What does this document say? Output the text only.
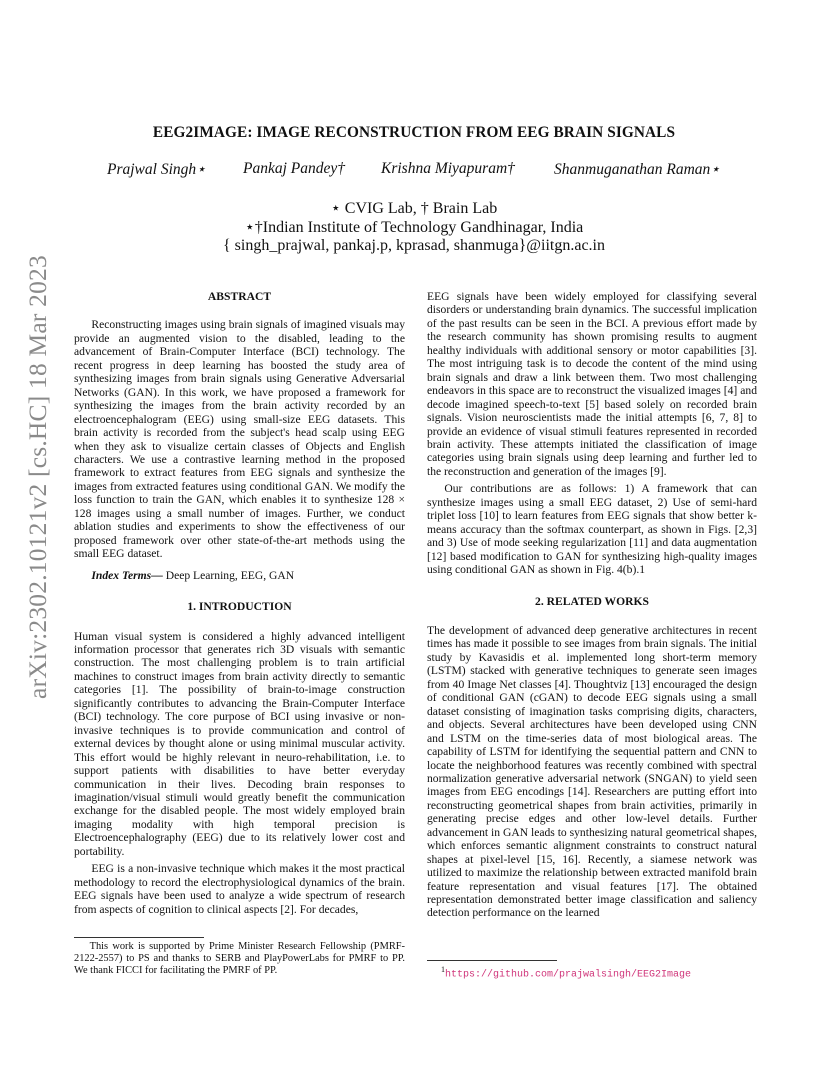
arXiv:2302.10121v2 [cs.HC] 18 Mar 2023
EEG2IMAGE: IMAGE RECONSTRUCTION FROM EEG BRAIN SIGNALS
Prajwal Singh⋆ Pankaj Pandey† Krishna Miyapuram†	Shanmuganathan Raman⋆
⋆ CVIG Lab, † Brain Lab
⋆†Indian Institute of Technology Gandhinagar, India
{ singh_prajwal, pankaj.p, kprasad, shanmuga}@iitgn.ac.in
ABSTRACT

Reconstructing images using brain signals of imagined visuals may provide an augmented vision to the disabled, leading to the advancement of Brain-Computer Interface (BCI) technology. The recent progress in deep learning has boosted the study area of synthesizing images from brain signals using Generative Adversarial Networks (GAN). In this work, we have proposed a framework for synthesizing the images from the brain activity recorded by an electroencephalogram (EEG) using small-size EEG datasets. This brain activity is recorded from the subject's head scalp using EEG when they ask to visualize certain classes of Objects and English characters. We use a contrastive learning method in the proposed framework to extract features from EEG signals and synthesize the images from extracted features using conditional GAN. We modify the loss function to train the GAN, which enables it to synthesize 128 × 128 images using a small number of images. Further, we conduct ablation studies and experiments to show the effectiveness of our proposed framework over other state-of-the-art methods using the small EEG dataset.

Index Terms— Deep Learning, EEG, GAN

1. INTRODUCTION

Human visual system is considered a highly advanced intelligent information processor that generates rich 3D visuals with semantic construction. The most challenging problem is to train artificial machines to construct images from brain activity directly to semantic categories [1]. The possibility of brain-to-image construction significantly contributes to advancing the Brain-Computer Interface (BCI) technology. The core purpose of BCI using invasive or non-invasive techniques is to provide communication and control of external devices by thought alone or using minimal muscular activity. This effort would be highly relevant in neuro-rehabilitation, i.e. to support patients with disabilities to have better everyday communication in their lives. Decoding brain responses to imagination/visual stimuli would greatly benefit the communication exchange for the disabled people. The most widely employed brain imaging modality with high temporal precision is Electroencephalography (EEG) due to its relatively lower cost and portability.

EEG is a non-invasive technique which makes it the most practical methodology to record the electrophysiological dynamics of the brain. EEG signals have been used to analyze a wide spectrum of research from aspects of cognition to clinical aspects [2]. For decades,

This work is supported by Prime Minister Research Fellowship (PMRF-2122-2557) to PS and thanks to SERB and PlayPowerLabs for PMRF to PP. We thank FICCI for facilitating the PMRF of PP.

EEG signals have been widely employed for classifying several disorders or understanding brain dynamics. The successful implication of the past results can be seen in the BCI. A previous effort made by the research community has shown promising results to augment healthy individuals with additional sensory or motor capabilities [3]. The most intriguing task is to decode the content of the mind using brain signals and draw a link between them. Two most challenging endeavors in this space are to reconstruct the visualized images [4] and decode imagined speech-to-text [5] based solely on recorded brain signals. Vision neuroscientists made the initial attempts [6, 7, 8] to provide an evidence of visual stimuli features represented in recorded brain activity. These attempts initiated the classification of image categories using brain signals using deep learning and further led to the reconstruction and generation of the images [9].

Our contributions are as follows: 1) A framework that can synthesize images using a small EEG dataset, 2) Use of semi-hard triplet loss [10] to learn features from EEG signals that show better k-means accuracy than the softmax counterpart, as shown in Figs. [2,3] and 3) Use of mode seeking regularization [11] and data augmentation [12] based modification to GAN for synthesizing high-quality images using conditional GAN as shown in Fig. 4(b).1

2. RELATED WORKS

The development of advanced deep generative architectures in recent times has made it possible to see images from brain signals. The initial study by Kavasidis et al. implemented long short-term memory (LSTM) stacked with generative techniques to generate seen images from 40 Image Net classes [4]. Thoughtviz [13] encouraged the design of conditional GAN (cGAN) to decode EEG signals using a small dataset consisting of imagination tasks comprising digits, characters, and objects. Several architectures have been developed using CNN and LSTM on the time-series data of most biological areas. The capability of LSTM for identifying the sequential pattern and CNN to locate the neighborhood features was recently combined with spectral normalization generative adversarial network (SNGAN) to yield seen images from EEG encodings [14]. Researchers are putting effort into reconstructing geometrical shapes from brain activities, primarily in generating precise edges and other low-level details. Further advancement in GAN leads to synthesizing natural geometrical shapes, which enforces semantic alignment constraints to construct natural shapes at pixel-level [15, 16]. Recently, a siamese network was utilized to maximize the relationship between extracted manifold brain feature representation and visual features [17]. The obtained representation demonstrated better image classification and saliency detection performance on the learned

$^1$https://github.com/prajwalsingh/EEG2Image
